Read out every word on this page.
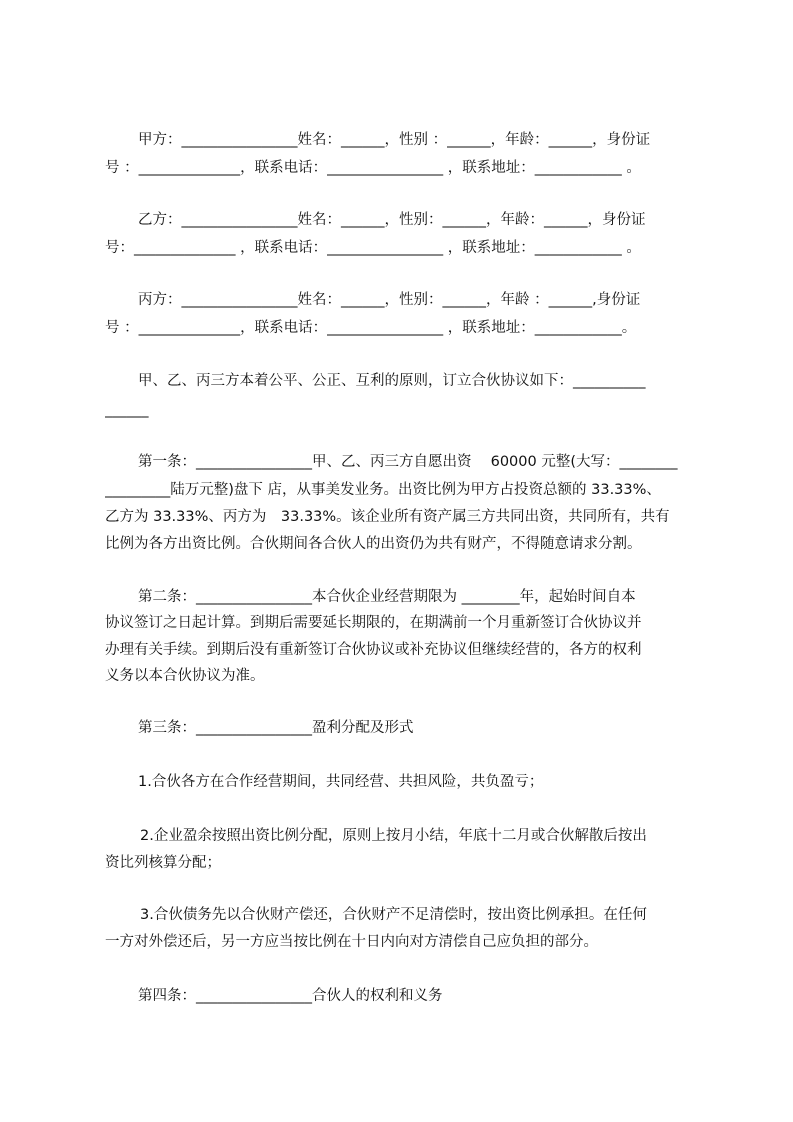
甲方：________________姓名：______，性别 ：______，年龄：______，身份证
号 ：______________，联系电话：________________ ，联系地址：____________ 。
乙方：________________姓名：______，性别：______，年龄：______，身份证
号：______________ ，联系电话：________________ ，联系地址：____________ 。
丙方：________________姓名：______，性别：______，年龄 ：______,身份证
号 ：______________，联系电话：________________ ，联系地址：____________。
甲、乙、丙三方本着公平、公正、互利的原则，订立合伙协议如下：__________
______
第一条：________________甲、乙、丙三方自愿出资　 60000 元整(大写：________
_________陆万元整)盘下 店，从事美发业务。出资比例为甲方占投资总额的 33.33%、
乙方为 33.33%、丙方为　33.33%。该企业所有资产属三方共同出资，共同所有，共有
比例为各方出资比例。合伙期间各合伙人的出资仍为共有财产，不得随意请求分割。
第二条：________________本合伙企业经营期限为 ________年，起始时间自本
协议签订之日起计算。到期后需要延长期限的，在期满前一个月重新签订合伙协议并
办理有关手续。到期后没有重新签订合伙协议或补充协议但继续经营的，各方的权利
义务以本合伙协议为准。
第三条：________________盈利分配及形式
1.合伙各方在合作经营期间，共同经营、共担风险，共负盈亏；
2.企业盈余按照出资比例分配，原则上按月小结，年底十二月或合伙解散后按出
资比列核算分配；
3.合伙债务先以合伙财产偿还，合伙财产不足清偿时，按出资比例承担。在任何
一方对外偿还后，另一方应当按比例在十日内向对方清偿自己应负担的部分。
第四条：________________合伙人的权利和义务
